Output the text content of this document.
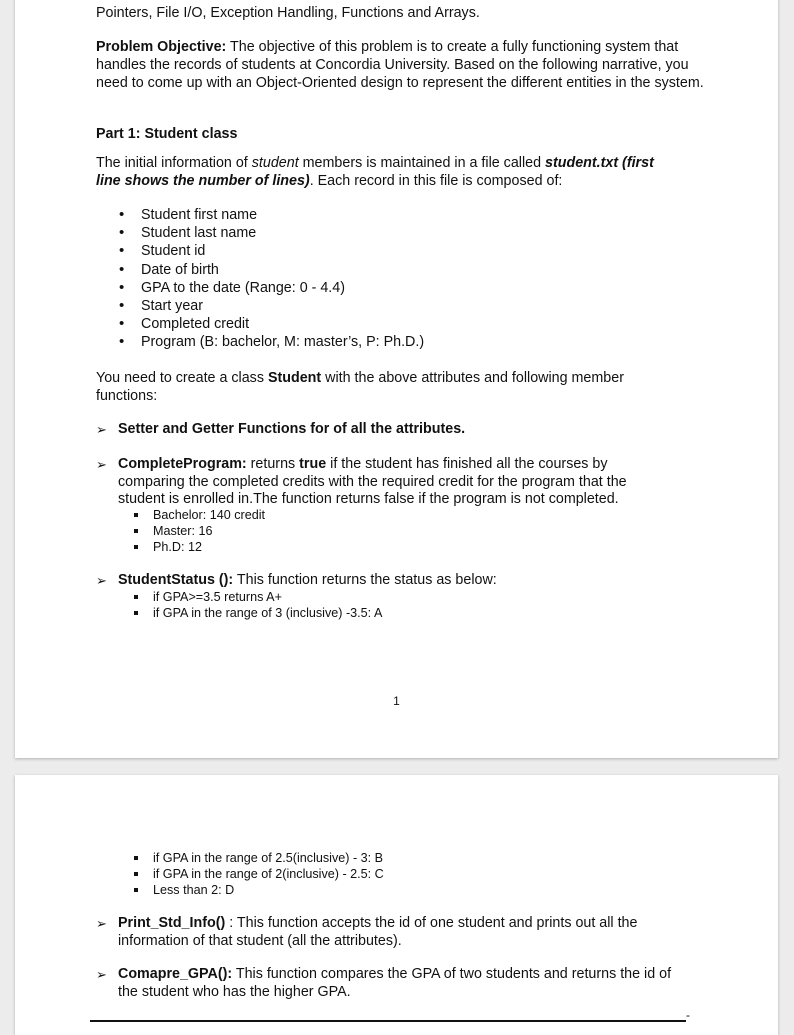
Pointers, File I/O, Exception Handling, Functions and Arrays.
Problem Objective: The objective of this problem is to create a fully functioning system that handles the records of students at Concordia University. Based on the following narrative, you need to come up with an Object-Oriented design to represent the different entities in the system.
Part 1: Student class
The initial information of student members is maintained in a file called student.txt (first line shows the number of lines). Each record in this file is composed of:
• Student first name
• Student last name
• Student id
• Date of birth
• GPA to the date (Range: 0 - 4.4)
• Start year
• Completed credit
• Program (B: bachelor, M: master’s, P: Ph.D.)
You need to create a class Student with the above attributes and following member functions:
➢ Setter and Getter Functions for of all the attributes.
➢ CompleteProgram: returns true if the student has finished all the courses by comparing the completed credits with the required credit for the program that the student is enrolled in.The function returns false if the program is not completed.
Bachelor: 140 credit
Master: 16
Ph.D: 12
➢ StudentStatus (): This function returns the status as below:
if GPA>=3.5 returns A+
if GPA in the range of 3 (inclusive) -3.5: A
1
if GPA in the range of 2.5(inclusive) - 3: B
if GPA in the range of 2(inclusive) - 2.5: C
Less than 2: D
➢ Print_Std_Info() : This function accepts the id of one student and prints out all the information of that student (all the attributes).
➢ Comapre_GPA(): This function compares the GPA of two students and returns the id of the student who has the higher GPA.
-
